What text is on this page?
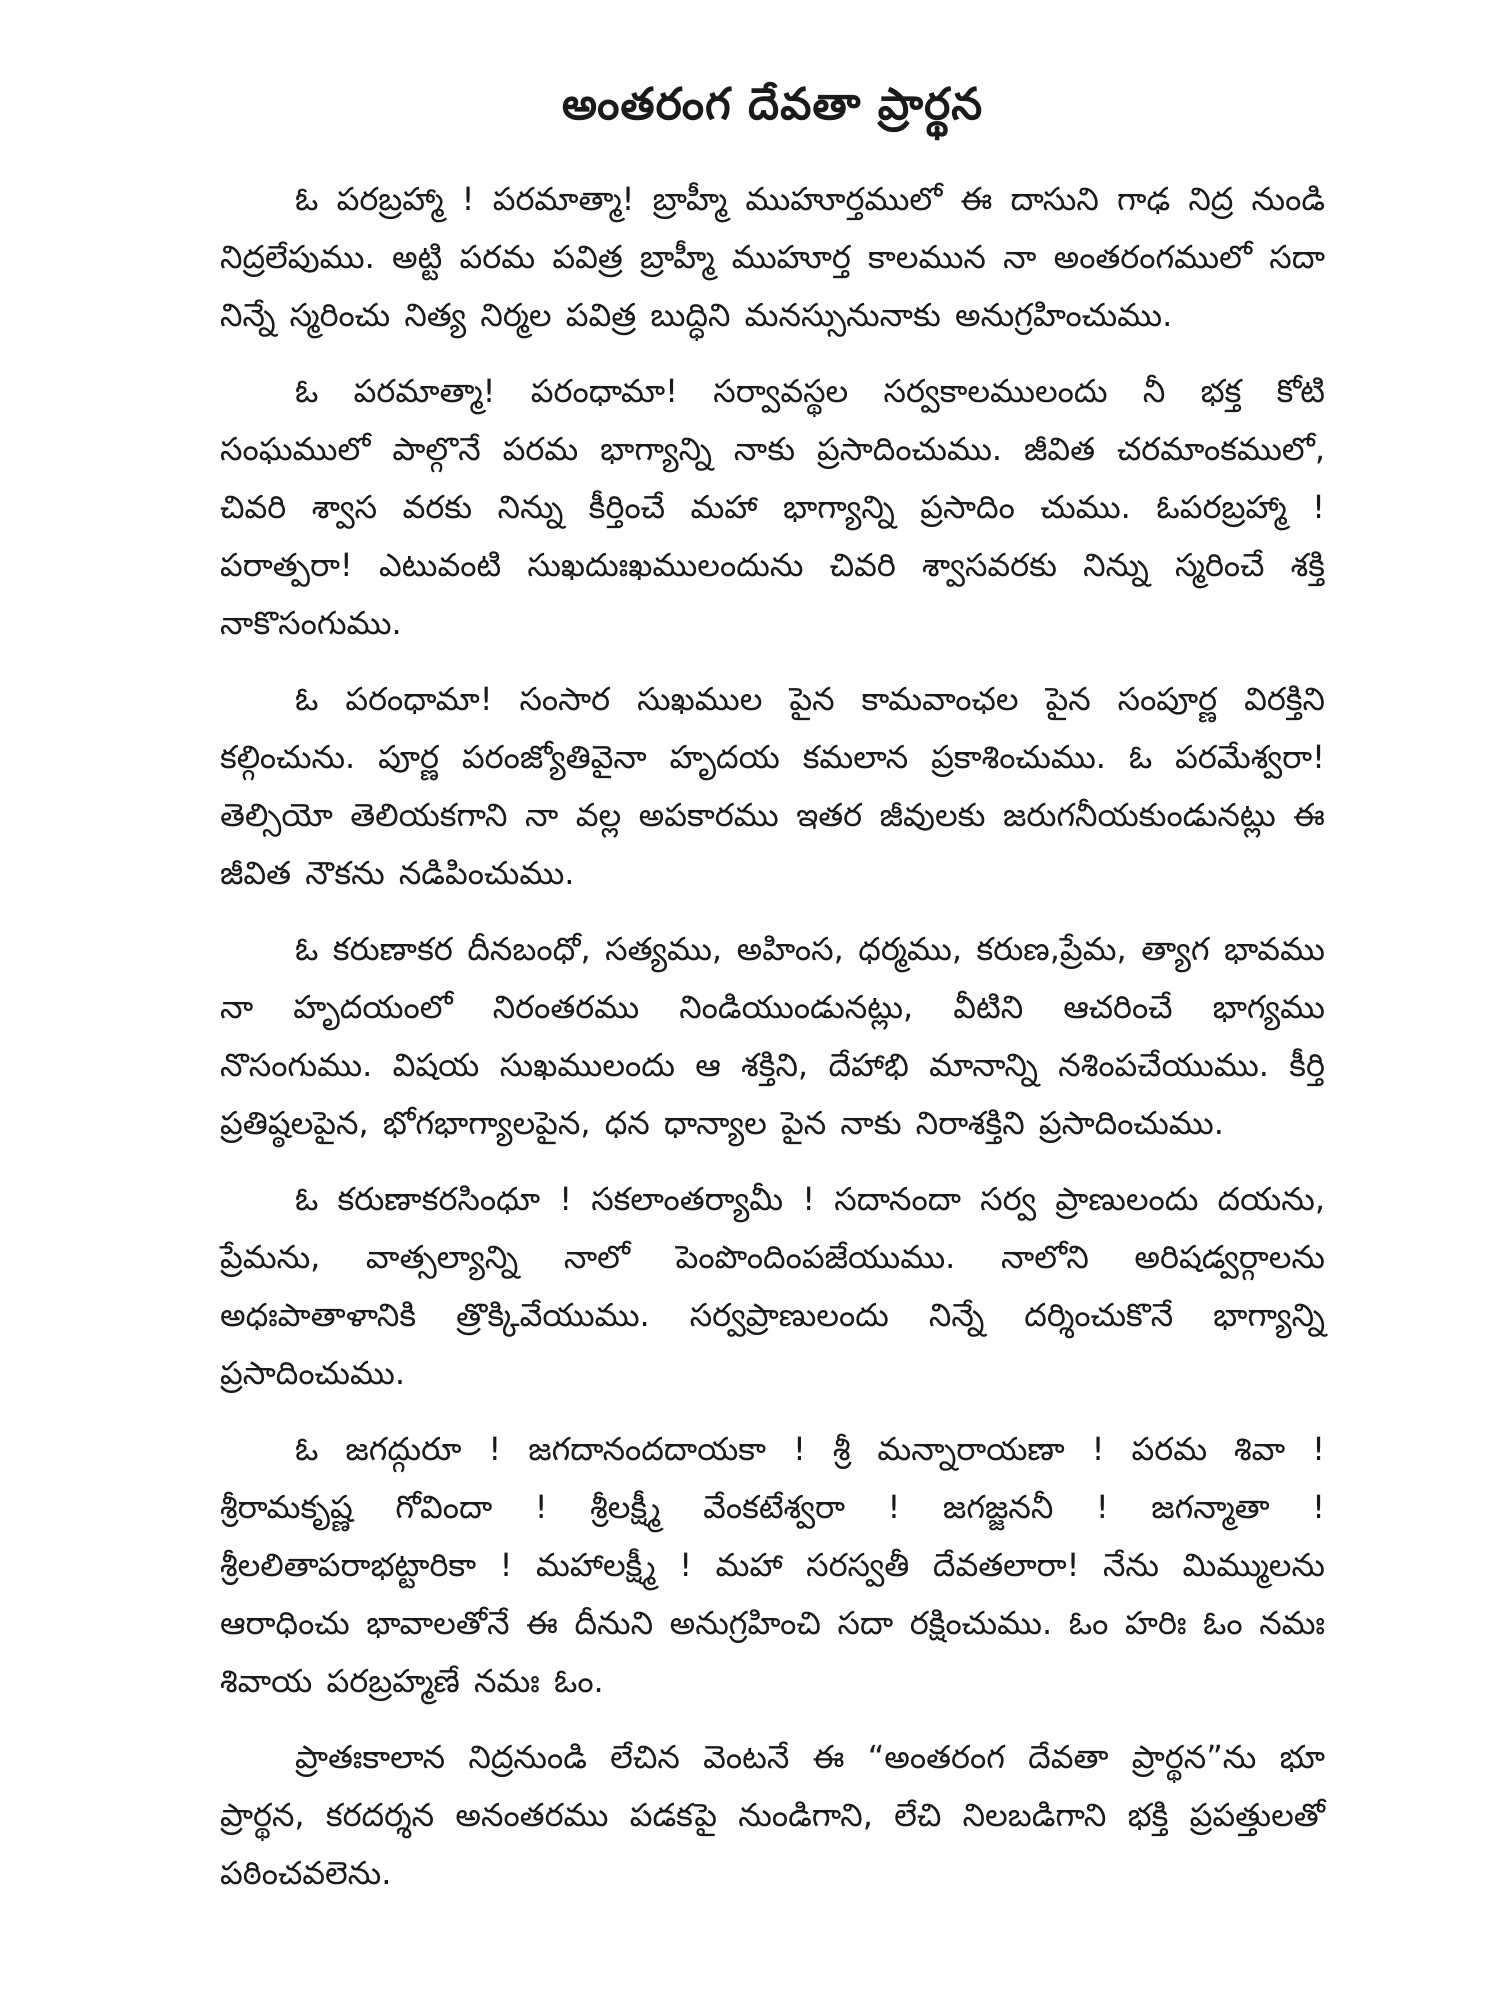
అంతరంగ దేవతా ప్రార్థన

ఓ పరబ్రహ్మా ! పరమాత్మా! బ్రాహ్మీ ముహూర్తములో ఈ దాసుని గాఢ నిద్ర నుండి నిద్రలేపుము. అట్టి పరమ పవిత్ర బ్రాహ్మీ ముహూర్త కాలమున నా అంతరంగములో సదా నిన్నే స్మరించు నిత్య నిర్మల పవిత్ర బుద్ధిని మనస్సునునాకు అనుగ్రహించుము.

ఓ పరమాత్మా! పరంధామా! సర్వావస్థల సర్వకాలములందు నీ భక్త కోటి సంఘములో పాల్గొనే పరమ భాగ్యాన్ని నాకు ప్రసాదించుము. జీవిత చరమాంకములో, చివరి శ్వాస వరకు నిన్ను కీర్తించే మహా భాగ్యాన్ని ప్రసాదిం చుము. ఓపరబ్రహ్మా ! పరాత్పరా! ఎటువంటి సుఖదుఃఖములందును చివరి శ్వాసవరకు నిన్ను స్మరించే శక్తి నాకొసంగుము.

ఓ పరంధామా! సంసార సుఖముల పైన కామవాంఛల పైన సంపూర్ణ విరక్తిని కల్గించును. పూర్ణ పరంజ్యోతివైనా హృదయ కమలాన ప్రకాశించుము. ఓ పరమేశ్వరా! తెల్సియో తెలియకగాని నా వల్ల అపకారము ఇతర జీవులకు జరుగనీయకుండునట్లు ఈ జీవిత నౌకను నడిపించుము.

ఓ కరుణాకర దీనబంధో, సత్యము, అహింస, ధర్మము, కరుణ,ప్రేమ, త్యాగ భావము నా హృదయంలో నిరంతరము నిండియుండునట్లు, వీటిని ఆచరించే భాగ్యము నొసంగుము. విషయ సుఖములందు ఆ శక్తిని, దేహాభి మానాన్ని నశింపచేయుము. కీర్తి ప్రతిష్ఠలపైన, భోగభాగ్యాలపైన, ధన ధాన్యాల పైన నాకు నిరాశక్తిని ప్రసాదించుము.

ఓ కరుణాకరసింధూ ! సకలాంతర్యామీ ! సదానందా సర్వ ప్రాణులందు దయను, ప్రేమను, వాత్సల్యాన్ని నాలో పెంపొందింపజేయుము. నాలోని అరిషడ్వర్గాలను అధఃపాతాళానికి త్రొక్కివేయుము. సర్వప్రాణులందు నిన్నే దర్శించుకొనే భాగ్యాన్ని ప్రసాదించుము.

ఓ జగద్గురూ ! జగదానందదాయకా ! శ్రీ మన్నారాయణా ! పరమ శివా ! శ్రీరామకృష్ణ గోవిందా ! శ్రీలక్ష్మీ వేంకటేశ్వరా ! జగజ్జననీ ! జగన్మాతా ! శ్రీలలితాపరాభట్టారికా ! మహాలక్ష్మీ ! మహా సరస్వతీ దేవతలారా! నేను మిమ్ములను ఆరాధించు భావాలతోనే ఈ దీనుని అనుగ్రహించి సదా రక్షించుము. ఓం హరిః ఓం నమః శివాయ పరబ్రహ్మణే నమః ఓం.

ప్రాతఃకాలాన నిద్రనుండి లేచిన వెంటనే ఈ “అంతరంగ దేవతా ప్రార్థన”ను భూ ప్రార్థన, కరదర్శన అనంతరము పడకపై నుండిగాని, లేచి నిలబడిగాని భక్తి ప్రపత్తులతో పఠించవలెను.
